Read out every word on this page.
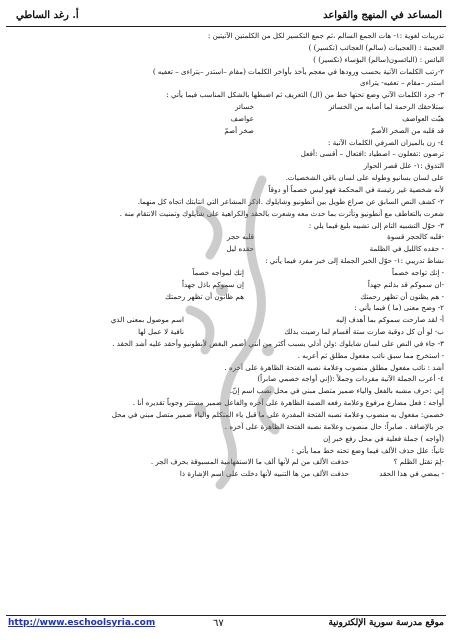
المساعد في المنهج والقواعد
أ. رغد الساطي
تدريبات لغوية :١- هات الجمع السالم ،ثم جمع التكسير لكل من الكلمتين الآتيتين :
العجيبة : (العجيبات (سالم) العجائب (تكسير) )
البائس : (البائسون(سالم) البؤساء (تكسير) )
٢-رتب الكلمات الآتية بحسب ورودها في معجم يأخذ بأواخر الكلمات (مقام –استدر –يتراءى – تعفيه )
استدر –مقام – تعفيه- يتراءى
٣- جرد الكلمات الآتي وضع تحتها خط من (ال) التعريف ثم اضبطها بالشكل المناسب فيما يأتي :
ستلاحقك الرحمة لما أصابه من الخسائر
خسائر
هبّت العواصف
عواصف
قد قلبه من الصخر الأصمّ
صخر أصمّ
٤- زن بالميزان الصرفي الكلمات الآتية :
ترضون :تفعلون – اصطياد :افتعال – أقسى :أفعل
التذوق :١- علل قصر الحوار
على لسان بسانيو وطوله على لسان باقي الشخصيات.
لأنه شخصية غير رئيسة في المحكمة فهو ليس خصماً أو دوقاً
٢- كشف النص السابق عن صراع طويل بين أنطونيو وشايلوك .اذكر المشاعر التي انتابتك اتجاه كل منهما.
شعرت بالتعاطف مع أنطونيو وتأثرت بما حدث معه وشعرت بالحقد والكراهية على شايلوك وتمنيت الانتقام منه .
٣- حوّل التشبيه التام إلى تشبيه بليغ فيما يلي :
-قلبه كالحجر قسوة
قلبه حجر
- حقده كالليل في الظلمة
حقده ليل
نشاط تدريبي :١- حوّل الخبر الجملة إلى خبر مفرد فيما يأتي :
- إنك تواجه خصماً
إنك لمواجه خصماً
-ان سموكم قد بذلتم جهداً
إن سموكم باذل جهداً
- هم يظنون أن تظهر رحمتك
هم ظانون أن تظهر رحمتك
٢- وضح معنى (ما ) فيما يأتي :
أ- لقد صارحت سموكم بما أهدف إليه
اسم موصول بمعنى الذي
ب- لو أن كل دوقية صارت ستة أقسام لما رضيت بذلك
نافية لا عمل لها
٣- جاء في النص على لسان شايلوك :ولن أدلي بسبب أكثر من أنني أضمر البغض لأنطونيو وأحقد عليه أشد الحقد .
- استخرج مما سبق نائب مفعول مطلق ثم أعربه .
أشد : نائب مفعول مطلق منصوب وعلامة نصبه الفتحة الظاهرة على آخره .
٤- أعرب الجملة الآتية مفردات وجملاً :(إني أواجه خصمي صابراً)
إني :حرف مشبه بالفعل والياء ضمير متصل مبني في محل نصب اسم إنّ.
أواجه : فعل مضارع مرفوع وعلامة رفعه الضمة الظاهرة على آخره والفاعل ضمير مستتر وجوباً تقديره أنا .
خصمي: مفعول به منصوب وعلامة نصبه الفتحة المقدرة على ما قبل ياء المتكلم والياء ضمير متصل مبني في محل
جر بالإضافة . صابراً: حال منصوب وعلامة نصبه الفتحة الظاهرة على آخره .
(أواجه ) جملة فعلية في محل رفع خبر إن
ثانياً: علل حذف الألف فيما وضع تحته خط مما يأتي :
-لِمَ تقتل الظلم ؟
حذفت الألف من لم لأنها ألف ما الاستفهامية المسبوقة بحرف الجر .
- يمضي في هذا الحقد
حذفت الألف من ها التنبيه لأنها دخلت على اسم الإشارة ذا
http://www.eschoolsyria.com	٦٧	موقع مدرسة سورية الإلكترونية
